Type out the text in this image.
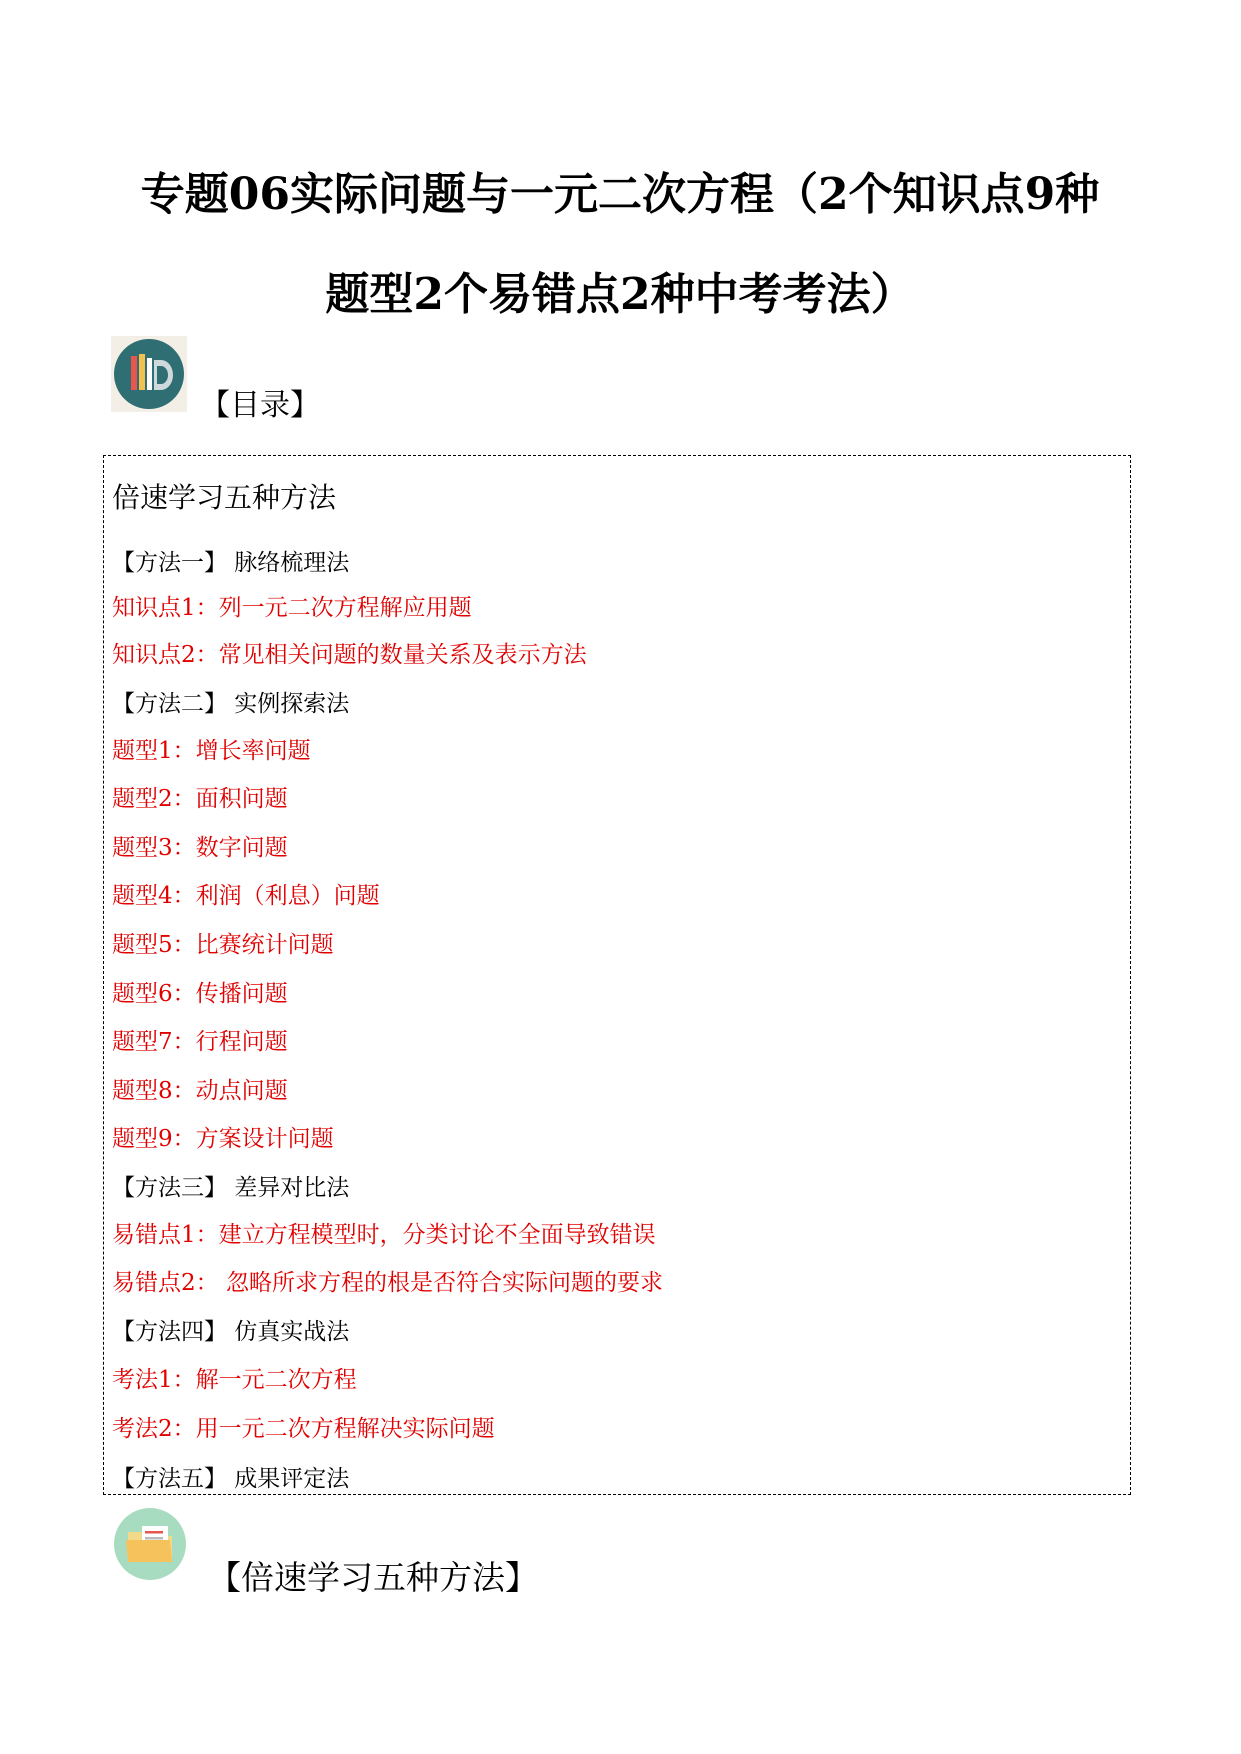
专题06实际问题与一元二次方程（2个知识点9种
题型2个易错点2种中考考法）
【目录】
倍速学习五种方法
【方法一】 脉络梳理法
知识点1：列一元二次方程解应用题
知识点2：常见相关问题的数量关系及表示方法
【方法二】 实例探索法
题型1：增长率问题
题型2：面积问题
题型3：数字问题
题型4：利润（利息）问题
题型5：比赛统计问题
题型6：传播问题
题型7：行程问题
题型8：动点问题
题型9：方案设计问题
【方法三】 差异对比法
易错点1：建立方程模型时，分类讨论不全面导致错误
易错点2： 忽略所求方程的根是否符合实际问题的要求
【方法四】 仿真实战法
考法1：解一元二次方程
考法2：用一元二次方程解决实际问题
【方法五】 成果评定法
【倍速学习五种方法】
